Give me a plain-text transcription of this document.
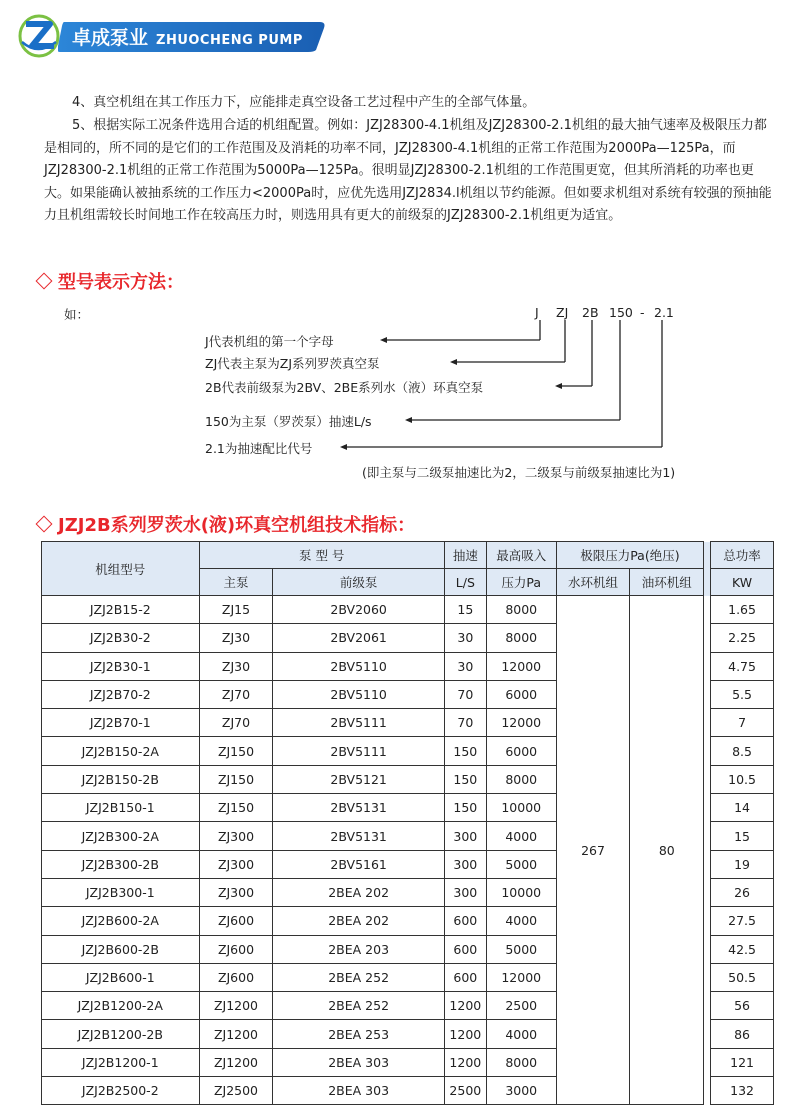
卓成泵业 ZHUOCHENG PUMP
4、真空机组在其工作压力下，应能排走真空设备工艺过程中产生的全部气体量。
5、根据实际工况条件选用合适的机组配置。例如：JZJ28300-4.1机组及JZJ28300-2.1机组的最大抽气速率及极限压力都是相同的，所不同的是它们的工作范围及及消耗的功率不同，JZJ28300-4.1机组的正常工作范围为2000Pa—125Pa，而JZJ28300-2.1机组的正常工作范围为5000Pa—125Pa。很明显JZJ28300-2.1机组的工作范围更宽，但其所消耗的功率也更大。如果能确认被抽系统的工作压力<2000Pa时，应优先选用JZJ2834.l机组以节约能源。但如要求机组对系统有较强的预抽能力且机组需较长时间地工作在较高压力时，则选用具有更大的前级泵的JZJ28300-2.1机组更为适宜。
型号表示方法：
如：	J ZJ 2B 150 - 2.1
J代表机组的第一个字母
ZJ代表主泵为ZJ系列罗茨真空泵
2B代表前级泵为2BV、2BE系列水（液）环真空泵
150为主泵（罗茨泵）抽速L/s
2.1为抽速配比代号
(即主泵与二级泵抽速比为2，二级泵与前级泵抽速比为1)
JZJ2B系列罗茨水(液)环真空机组技术指标：
机组型号	泵 型 号		抽速	最高吸入	极限压力Pa(绝压)			总功率
	主泵	前级泵	L/S	压力Pa	水环机组	油环机组		KW
JZJ2B15-2	ZJ15	2BV2060	15	8000	267	80		1.65
JZJ2B30-2	ZJ30	2BV2061	30	8000				2.25
JZJ2B30-1	ZJ30	2BV5110	30	12000				4.75
JZJ2B70-2	ZJ70	2BV5110	70	6000				5.5
JZJ2B70-1	ZJ70	2BV5111	70	12000				7
JZJ2B150-2A	ZJ150	2BV5111	150	6000				8.5
JZJ2B150-2B	ZJ150	2BV5121	150	8000				10.5
JZJ2B150-1	ZJ150	2BV5131	150	10000				14
JZJ2B300-2A	ZJ300	2BV5131	300	4000				15
JZJ2B300-2B	ZJ300	2BV5161	300	5000				19
JZJ2B300-1	ZJ300	2BEA 202	300	10000				26
JZJ2B600-2A	ZJ600	2BEA 202	600	4000				27.5
JZJ2B600-2B	ZJ600	2BEA 203	600	5000				42.5
JZJ2B600-1	ZJ600	2BEA 252	600	12000				50.5
JZJ2B1200-2A	ZJ1200	2BEA 252	1200	2500				56
JZJ2B1200-2B	ZJ1200	2BEA 253	1200	4000				86
JZJ2B1200-1	ZJ1200	2BEA 303	1200	8000				121
JZJ2B2500-2	ZJ2500	2BEA 303	2500	3000				132
